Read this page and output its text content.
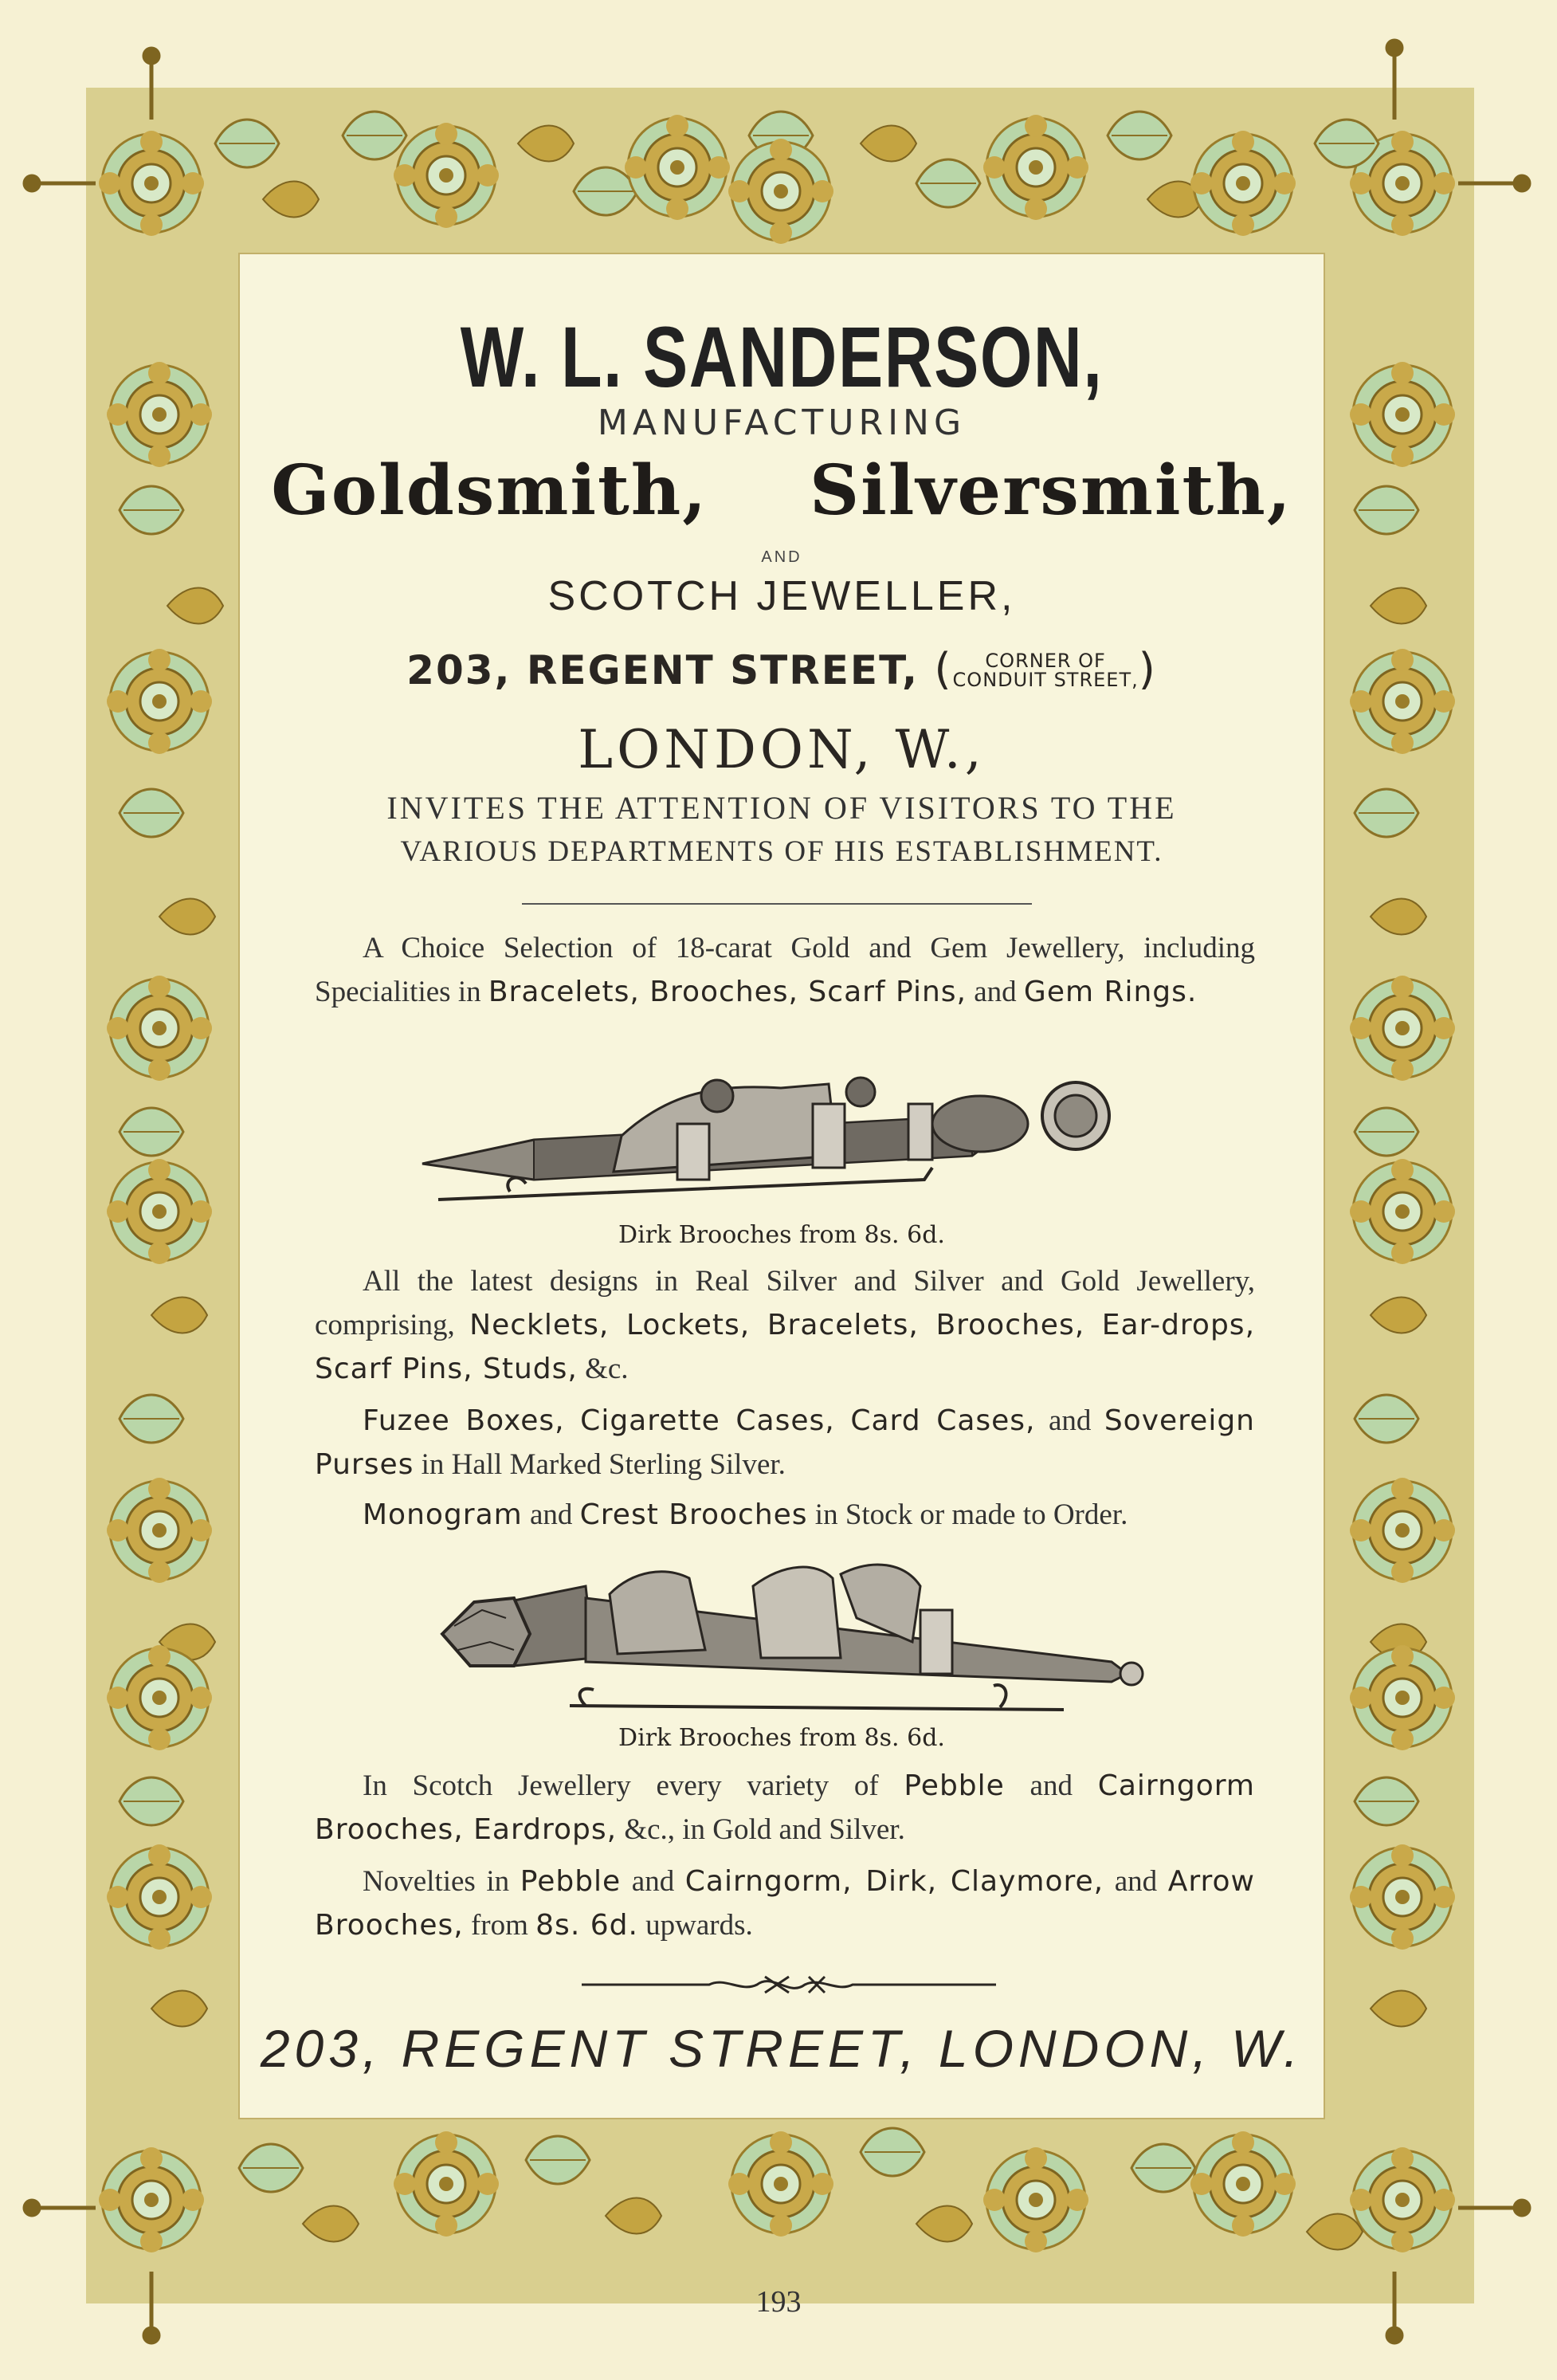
W. L. SANDERSON,
MANUFACTURING
Goldsmith, Silversmith,
AND
SCOTCH JEWELLER,
203, REGENT STREET, (	CORNER OF
CONDUIT STREET, )
LONDON, W.,
INVITES THE ATTENTION OF VISITORS TO THE
VARIOUS DEPARTMENTS OF HIS ESTABLISHMENT.
A Choice Selection of 18-carat Gold and Gem Jewellery, including Specialities in Bracelets, Brooches, Scarf Pins, and Gem Rings.
Dirk Brooches from 8s. 6d.
All the latest designs in Real Silver and Silver and Gold Jewellery, comprising, Necklets, Lockets, Bracelets, Brooches, Ear-drops, Scarf Pins, Studs, &c.
Fuzee Boxes, Cigarette Cases, Card Cases, and Sovereign Purses in Hall Marked Sterling Silver.
Monogram and Crest Brooches in Stock or made to Order.
Dirk Brooches from 8s. 6d.
In Scotch Jewellery every variety of Pebble and Cairngorm Brooches, Eardrops, &c., in Gold and Silver.
Novelties in Pebble and Cairngorm, Dirk, Claymore, and Arrow Brooches, from 8s. 6d. upwards.
203, REGENT STREET, LONDON, W.
193
